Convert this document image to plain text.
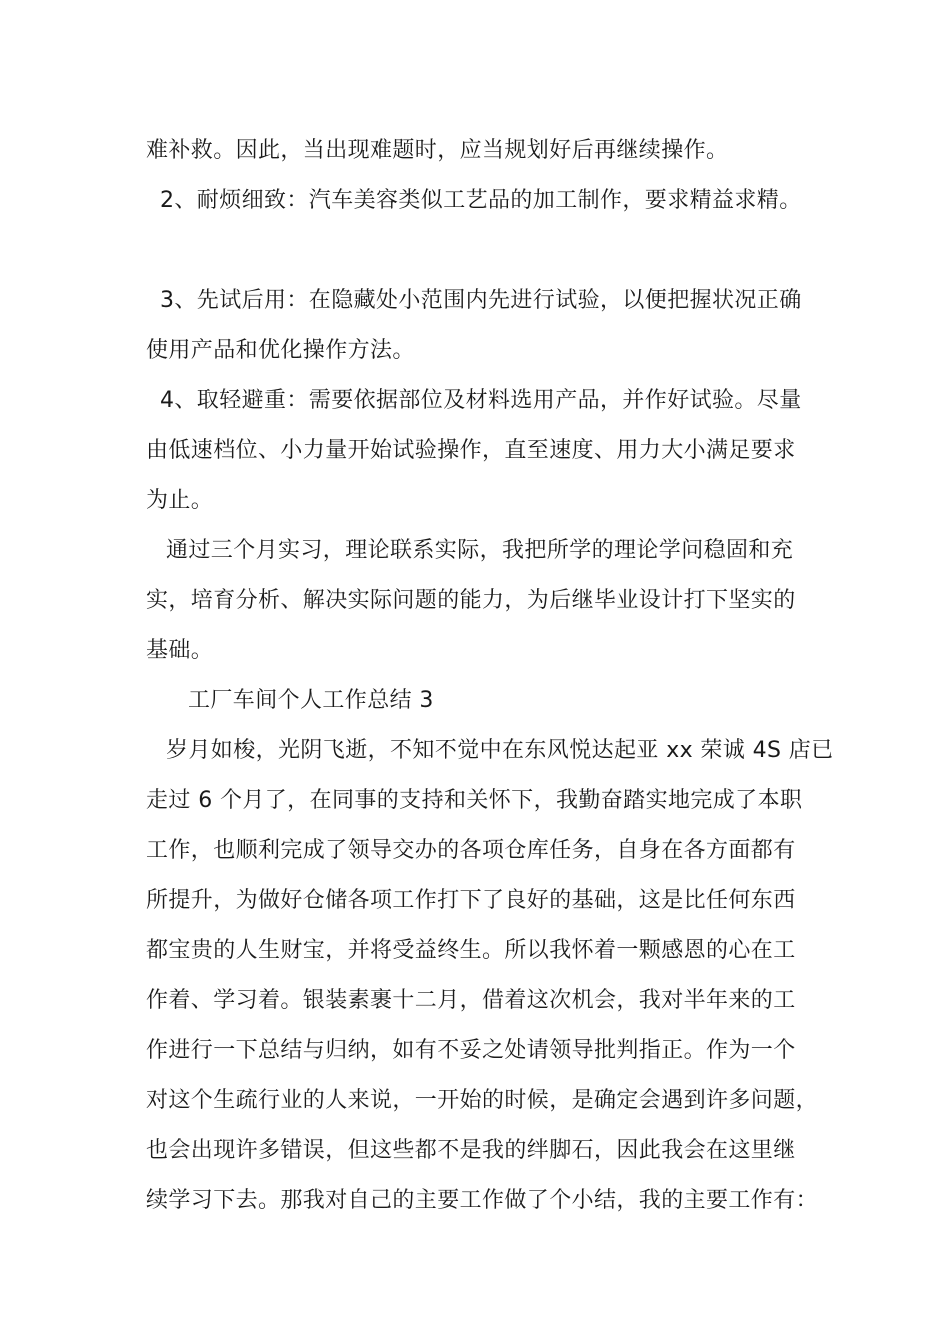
难补救。因此，当出现难题时，应当规划好后再继续操作。
2、耐烦细致：汽车美容类似工艺品的加工制作，要求精益求精。
3、先试后用：在隐藏处小范围内先进行试验，以便把握状况正确
使用产品和优化操作方法。
4、取轻避重：需要依据部位及材料选用产品，并作好试验。尽量
由低速档位、小力量开始试验操作，直至速度、用力大小满足要求
为止。
通过三个月实习，理论联系实际，我把所学的理论学问稳固和充
实，培育分析、解决实际问题的能力，为后继毕业设计打下坚实的
基础。
工厂车间个人工作总结 3
岁月如梭，光阴飞逝，不知不觉中在东风悦达起亚 xx 荣诚 4S 店已
走过 6 个月了，在同事的支持和关怀下，我勤奋踏实地完成了本职
工作，也顺利完成了领导交办的各项仓库任务，自身在各方面都有
所提升，为做好仓储各项工作打下了良好的基础，这是比任何东西
都宝贵的人生财宝，并将受益终生。所以我怀着一颗感恩的心在工
作着、学习着。银装素裹十二月，借着这次机会，我对半年来的工
作进行一下总结与归纳，如有不妥之处请领导批判指正。作为一个
对这个生疏行业的人来说，一开始的时候，是确定会遇到许多问题，
也会出现许多错误，但这些都不是我的绊脚石，因此我会在这里继
续学习下去。那我对自己的主要工作做了个小结，我的主要工作有：
